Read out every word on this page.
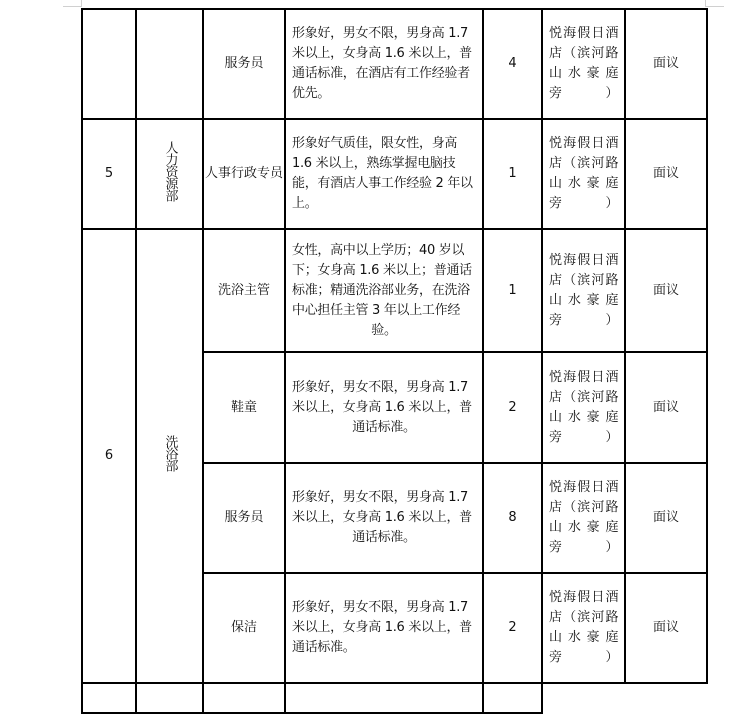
		服务员	形象好，男女不限，男身高 1.7 米以上，女身高 1.6 米以上，普通话标准，在酒店有工作经验者优先。	4	悦海假日酒店（滨河路山水豪庭旁）	面议
5	人力资源部	人事行政专员	形象好气质佳，限女性，身高 1.6 米以上，熟练掌握电脑技能，有酒店人事工作经验 2 年以上。	1	悦海假日酒店（滨河路山水豪庭旁）	面议
6	洗浴部	洗浴主管	女性，高中以上学历；40 岁以下；女身高 1.6 米以上；普通话标准；精通洗浴部业务，在洗浴中心担任主管 3 年以上工作经验。	1	悦海假日酒店（滨河路山水豪庭旁）	面议
		鞋童	形象好，男女不限，男身高 1.7 米以上，女身高 1.6 米以上，普通话标准。	2	悦海假日酒店（滨河路山水豪庭旁）	面议
		服务员	形象好，男女不限，男身高 1.7 米以上，女身高 1.6 米以上，普通话标准。	8	悦海假日酒店（滨河路山水豪庭旁）	面议
		保洁	形象好，男女不限，男身高 1.7 米以上，女身高 1.6 米以上，普通话标准。	2	悦海假日酒店（滨河路山水豪庭旁）	面议
